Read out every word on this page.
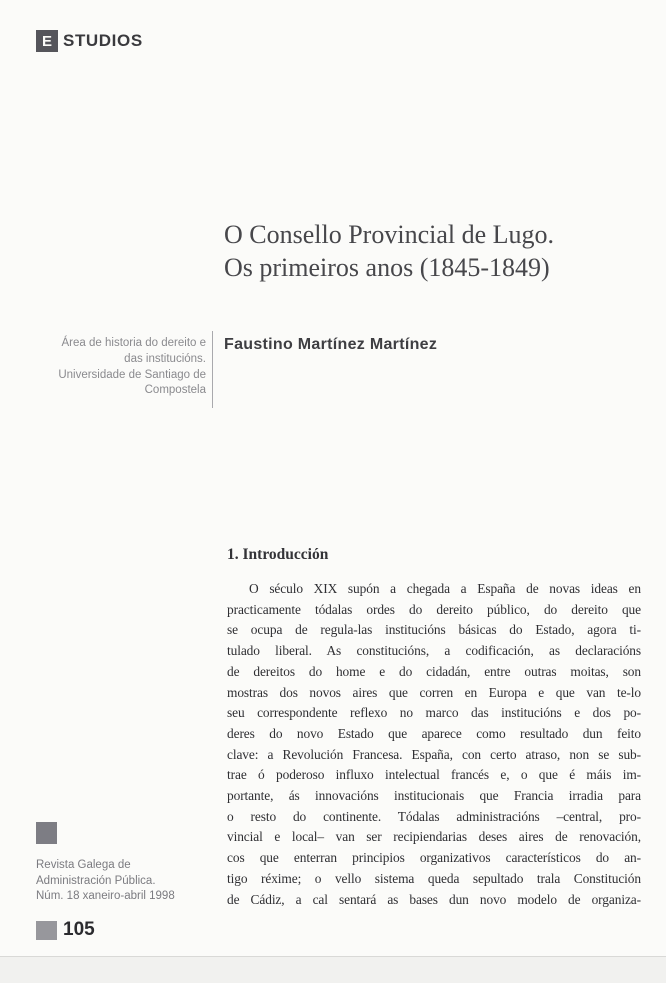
E STUDIOS
O Consello Provincial de Lugo.
Os primeiros anos (1845-1849)
Área de historia do dereito e
das institucións.
Universidade de Santiago de
Compostela
Faustino Martínez Martínez
1. Introducción
O século XIX supón a chegada a España de novas ideas en
practicamente tódalas ordes do dereito público, do dereito que
se ocupa de regula-las institucións básicas do Estado, agora ti-
tulado liberal. As constitucións, a codificación, as declaracións
de dereitos do home e do cidadán, entre outras moitas, son
mostras dos novos aires que corren en Europa e que van te-lo
seu correspondente reflexo no marco das institucións e dos po-
deres do novo Estado que aparece como resultado dun feito
clave: a Revolución Francesa. España, con certo atraso, non se sub-
trae ó poderoso influxo intelectual francés e, o que é máis im-
portante, ás innovacións institucionais que Francia irradia para
o resto do continente. Tódalas administracións –central, pro-
vincial e local– van ser recipiendarias deses aires de renovación,
cos que enterran principios organizativos característicos do an-
tigo réxime; o vello sistema queda sepultado trala Constitución
de Cádiz, a cal sentará as bases dun novo modelo de organiza-
Revista Galega de
Administración Pública.
Núm. 18 xaneiro-abril 1998
105
